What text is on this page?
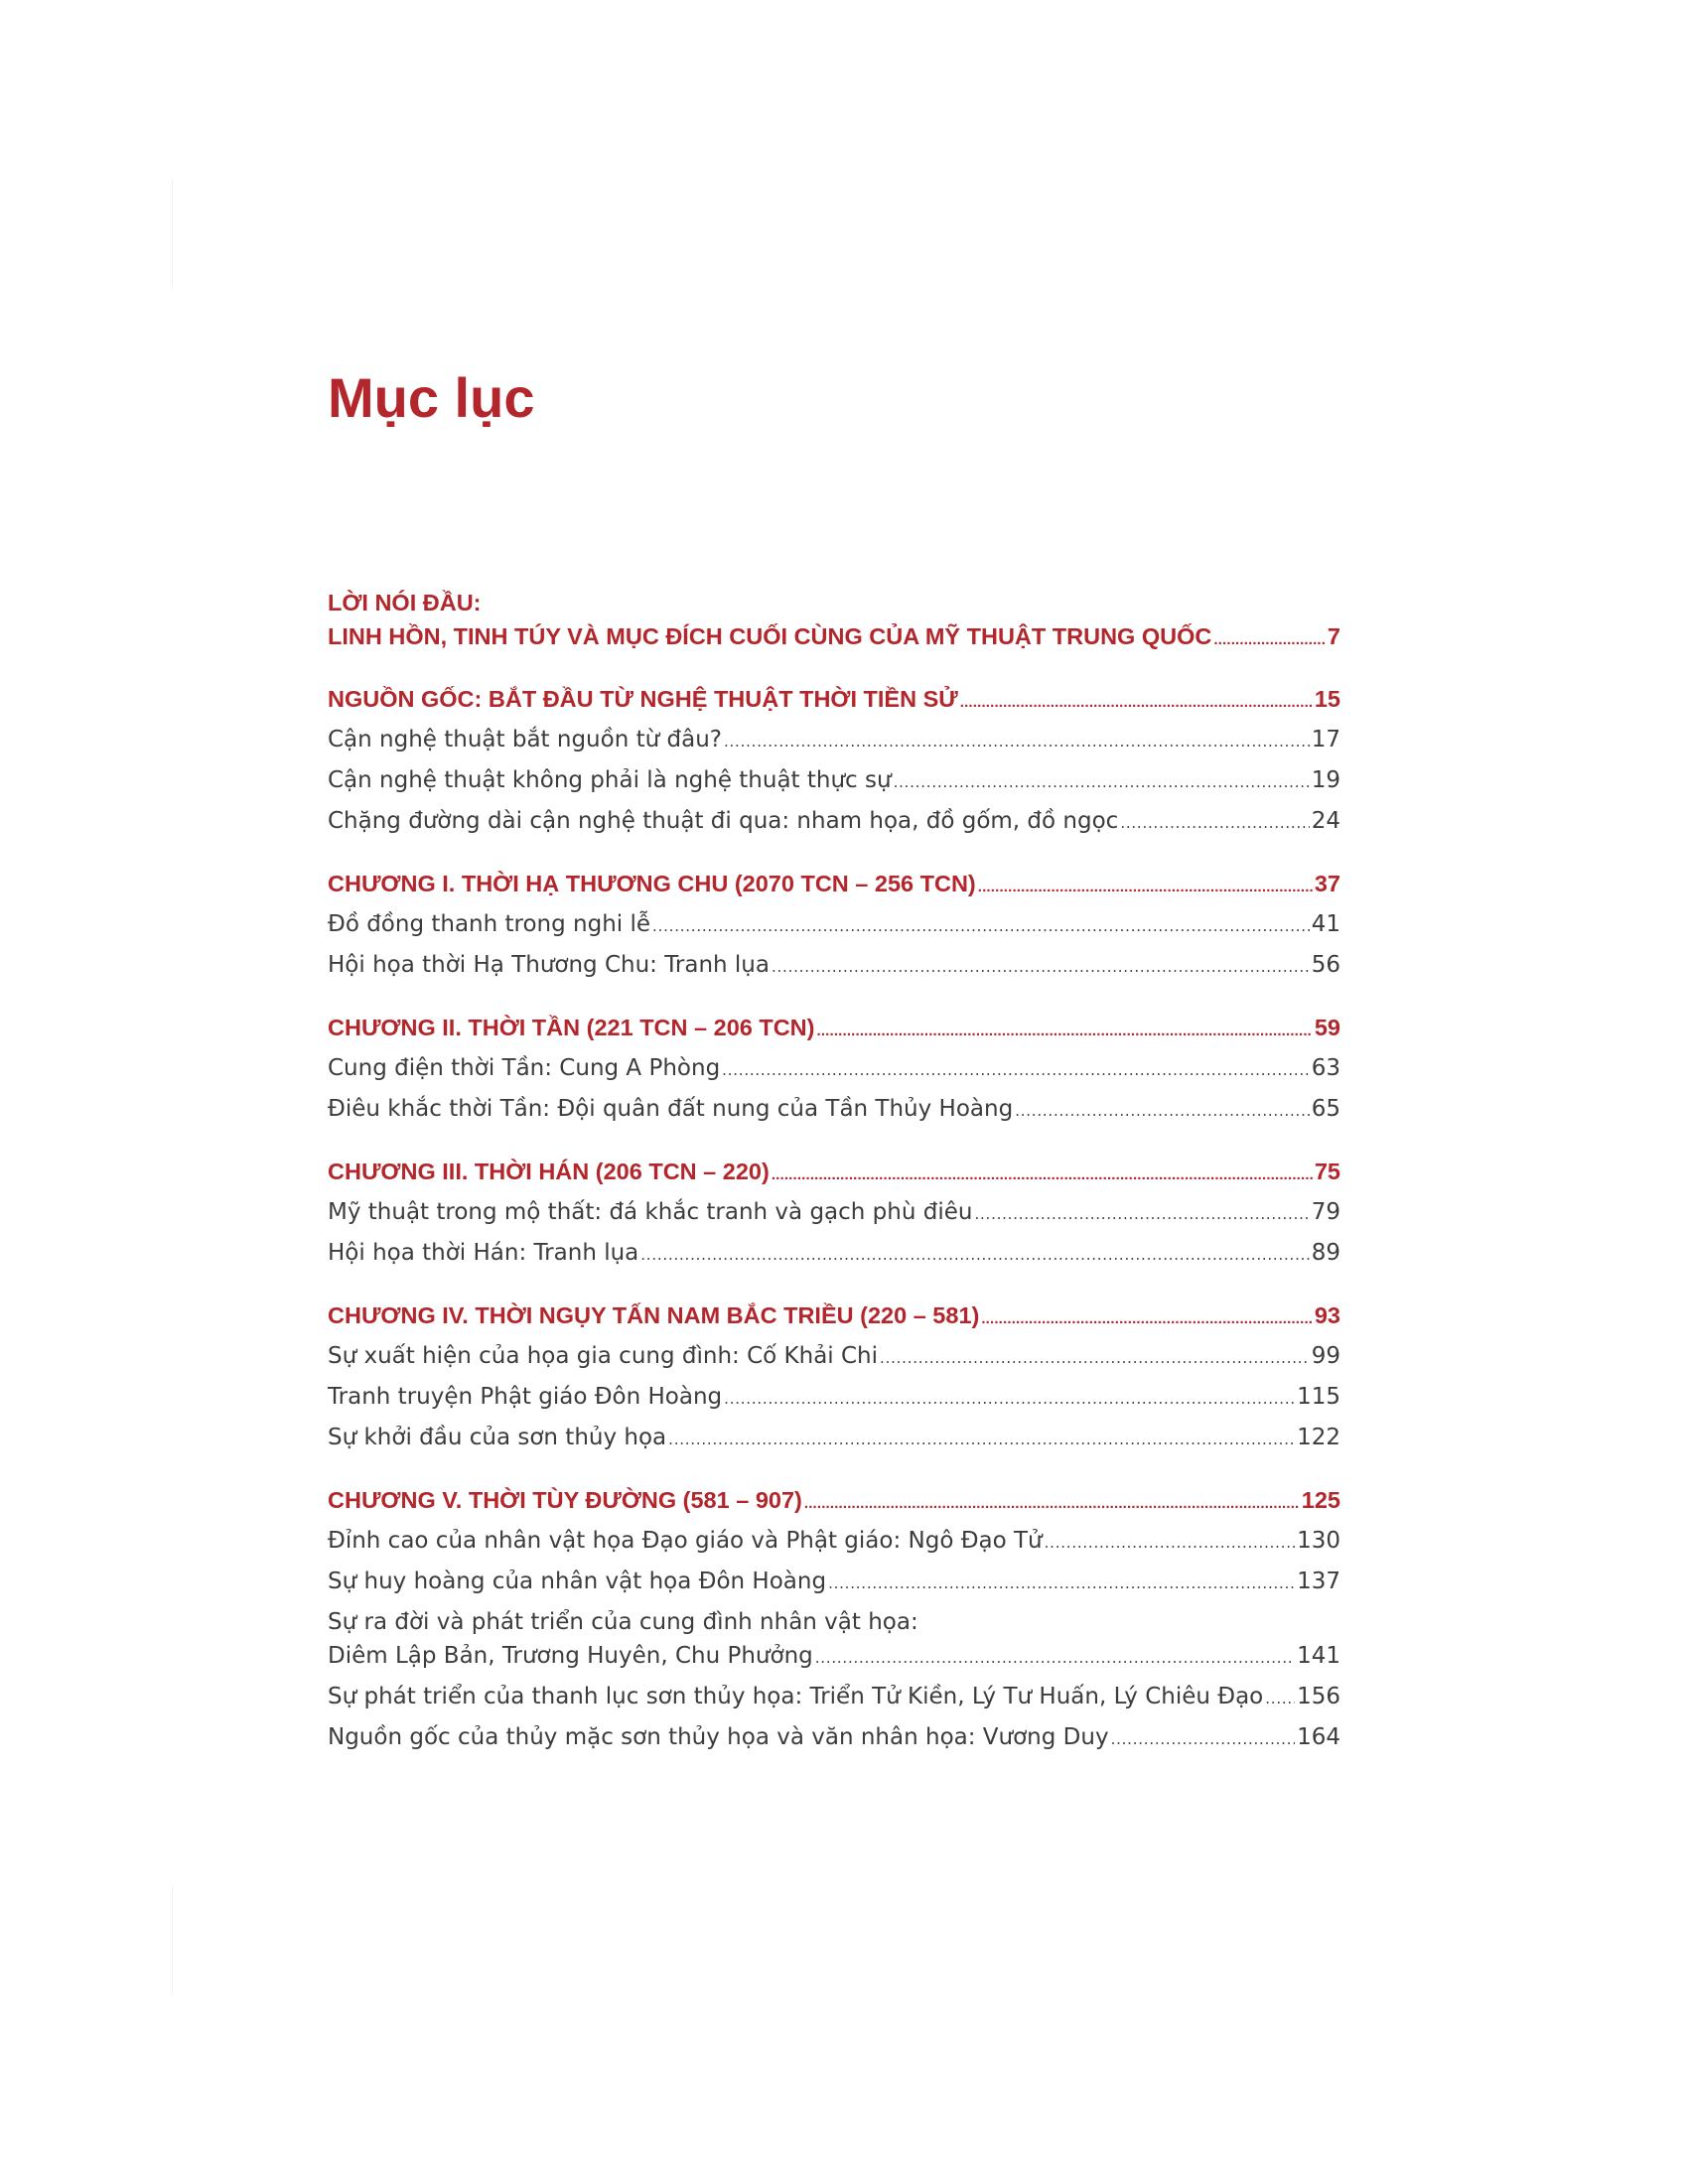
Mục lục
LỜI NÓI ĐẦU:
LINH HỒN, TINH TÚY VÀ MỤC ĐÍCH CUỐI CÙNG CỦA MỸ THUẬT TRUNG QUỐC . . .	7
NGUỒN GỐC: BẮT ĐẦU TỪ NGHỆ THUẬT THỜI TIỀN SỬ . . .	15
Cận nghệ thuật bắt nguồn từ đâu? . . .	17
Cận nghệ thuật không phải là nghệ thuật thực sự . . .	19
Chặng đường dài cận nghệ thuật đi qua: nham họa, đồ gốm, đồ ngọc . . .	24
CHƯƠNG I. THỜI HẠ THƯƠNG CHU (2070 TCN – 256 TCN) . . .	37
Đồ đồng thanh trong nghi lễ . . .	41
Hội họa thời Hạ Thương Chu: Tranh lụa . . .	56
CHƯƠNG II. THỜI TẦN (221 TCN – 206 TCN) . . .	59
Cung điện thời Tần: Cung A Phòng . . .	63
Điêu khắc thời Tần: Đội quân đất nung của Tần Thủy Hoàng . . .	65
CHƯƠNG III. THỜI HÁN (206 TCN – 220) . . .	75
Mỹ thuật trong mộ thất: đá khắc tranh và gạch phù điêu . . .	79
Hội họa thời Hán: Tranh lụa . . .	89
CHƯƠNG IV. THỜI NGỤY TẤN NAM BẮC TRIỀU (220 – 581) . . .	93
Sự xuất hiện của họa gia cung đình: Cố Khải Chi . . .	99
Tranh truyện Phật giáo Đôn Hoàng . . .	115
Sự khởi đầu của sơn thủy họa . . .	122
CHƯƠNG V. THỜI TÙY ĐƯỜNG (581 – 907) . . .	125
Đỉnh cao của nhân vật họa Đạo giáo và Phật giáo: Ngô Đạo Tử . . .	130
Sự huy hoàng của nhân vật họa Đôn Hoàng . . .	137
Sự ra đời và phát triển của cung đình nhân vật họa:
Diêm Lập Bản, Trương Huyên, Chu Phưởng . . .	141
Sự phát triển của thanh lục sơn thủy họa: Triển Tử Kiền, Lý Tư Huấn, Lý Chiêu Đạo . . . 156
Nguồn gốc của thủy mặc sơn thủy họa và văn nhân họa: Vương Duy . . .	164
